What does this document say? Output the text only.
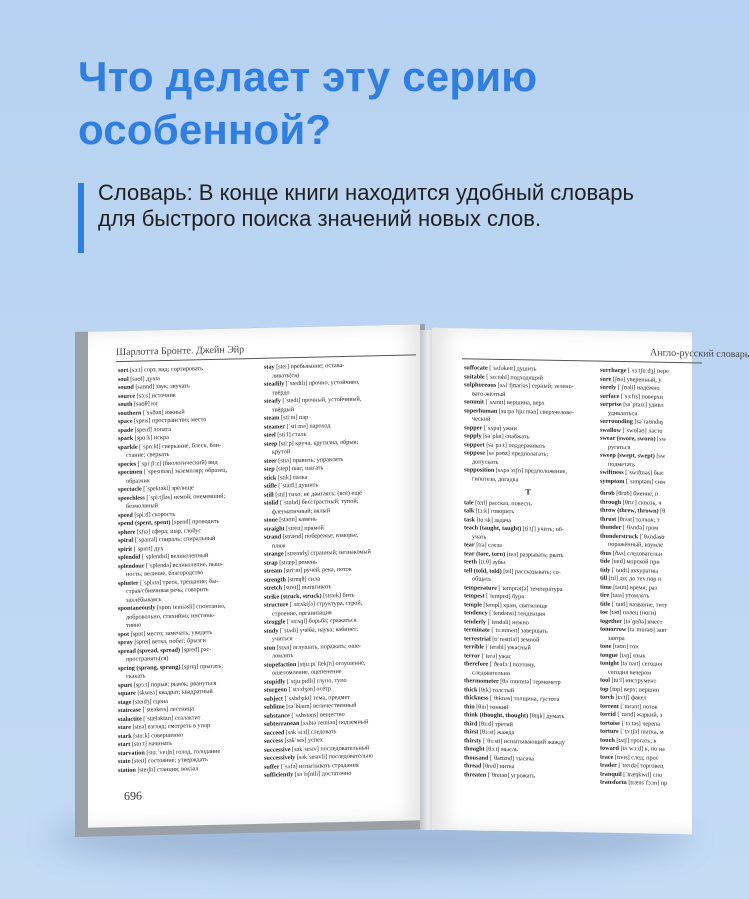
Что делает эту серию особенной?

Словарь: В конце книги находится удобный словарь для быстрого поиска значений новых слов.

Шарлотта Бронте. Джейн Эйр
sort [sɔːt] сорт, вид; сортировать
soul [səʊl] душа
sound [saʊnd] звук; звучать
source [sɔːs] источник
south [saʊθ] юг
southern [ˈsʌðən] южный
space [speɪs] пространство; место
spade [speɪd] лопата
spark [spɑːk] искра
sparkle [ˈspɑːkl] сверкание, блеск, бли-
стание; сверкать
species [ˈspiːʃiːz] (биологический) вид
specimen [ˈspesɪmən] экземпляр; образец,
образчик
spectacle [ˈspektəkl] зрелище
speechless [ˈspiːtʃləs] немой; онемевший;
безмолвный
speed [spiːd] скорость
spend (spent, spent) [spend] проводить
sphere [sfɪə] сфера; шар, глобус
spiral [ˈspaɪrəl] спираль; спиральный
spirit [ˈspɪrɪt] дух
splendid [ˈsplendɪd] великолепный
splendour [ˈsplendə] великолепие, пыш-
ность; величие, благородство
splutter [ˈsplʌtə] треск, трещание; бы-
страя/сбивчивая речь; говорить
захлёбываясь
spontaneously [spɒnˈteɪniəsli] спонтанно,
добровольно, стихийно; инстинк-
тивно
spot [spɒt] место; замечать; увидеть
spray [spreɪ] ветка, побег; брызги
spread (spread, spread) [spred] рас-
пространять(ся)
spring (sprang, sprung) [sprɪŋ] прыгать;
скакать
spurt [spɜːt] порыв; рывок; рвануться
square [skweə] квадрат; квадратный
stage [steɪdʒ] сцена
staircase [ˈsteəkeɪs] лестница
stalactite [ˈstæləktaɪt] сталактит
stare [steə] взгляд; смотреть в упор
stark [stɑːk] совершенно
start [stɑːt] начинать
starvation [stɑːˈveɪʃn] голод, голодание
state [steɪt] состояние; утверждать
station [steɪʃn] станция; вокзал
stay [steɪ] пребывание; остава-
ливать(ся)
steadily [ˈstedɪli] прочно, устойчиво,
твёрдо
steady [ˈstedi] прочный, устойчивый,
твёрдый
steam [stiːm] пар
steamer [ˈstiːmə] пароход
steel [stiːl] сталь
steep [stiːp] круча, крутизна, обрыв;
крутой
steer [stɪə] править; управлять
step [step] шаг; шагать
stick [stɪk] палка
stifle [ˈstaɪfl] душить
still [stɪl] тихо, не двигаясь; (всё) ещё
stolid [ˈstɒlɪd] бесстрастный; тупой;
флегматичный; вялый
stone [stəʊn] камень
straight [streɪt] прямой
strand [strænd] побережье, взморье,
пляж
strange [streɪndʒ] странный; незнакомый
strap [stræp] ремень
stream [striːm] ручей, река, поток
strength [streŋθ] сила
stretch [stretʃ] вытягивать
strike (struck, struck) [straɪk] бить
structure [ˈstrʌktʃə] структура, строй,
строение, организация
struggle [ˈstrʌɡl] борьба; сражаться
study [ˈstʌdi] учёба, наука; кабинет;
учиться
stun [stʌn] оглушать, поражать; оше-
ломлять
stupefaction [stjuːpɪˈfækʃn] оглушение,
ошеломление, оцепенение
stupidly [ˈstjuːpɪdli] глупо, тупо
sturgeon [ˈstɜːdʒən] осётр
subject [ˈsʌbdʒɪkt] тема, предмет
sublime [səˈblaɪm] величественный
substance [ˈsʌbstəns] вещество
subterranean [sʌbtəˈreɪniən] подземный
succeed [səkˈsiːd] следовать
success [səkˈses] успех
successive [səkˈsesɪv] последовательный
successively [səkˈsesɪvli] последовательно
suffer [ˈsʌfə] испытывать страдания
sufficiently [səˈfɪʃntli] достаточно
696
Англо-русский словарь
suffocate [ˈsʌfəkeɪt] душить
suitable [ˈsuːtəbl] подходящий
sulphureous [sʌlˈfjʊəriəs] серный; зелено-
вато-жёлтый
summit [ˈsʌmɪt] вершина, верх
superhuman [suːpəˈhjuːmən] сверхчелове-
ческий
supper [ˈsʌpə] ужин
supply [səˈplaɪ] снабжать
support [səˈpɔːt] поддерживать
suppose [səˈpəʊz] предполагать;
допускать
supposition [sʌpəˈzɪʃn] предположение,
гипотеза, догадка
T
tale [teɪl] рассказ, повесть
talk [tɔːk] говорить
task [tɑːsk] задача
teach (taught, taught) [tiːtʃ] учить; об-
учать
tear [tɪə] слеза
tear (tore, torn) [teə] разрывать; рвать
teeth [tiːθ] зубы
tell (told, told) [tel] рассказывать; со-
общать
temperature [ˈtemprətʃə] температура
tempest [ˈtempɪst] буря
temple [templ] храм, святилище
tendency [ˈtendənsi] тенденция
tenderly [ˈtendəli] нежно
terminate [ˈtɜːmɪneɪt] завершать
terrestrial [tɪˈrestriəl] земной
terrible [ˈterəbl] ужасный
terror [ˈterə] ужас
therefore [ˈðeəfɔː] поэтому,
следовательно
thermometer [θəˈmɒmɪtə] термометр
thick [θɪk] толстый
thickness [ˈθɪknəs] толщина, густота
thin [θɪn] тонкий
think (thought, thought) [θɪŋk] думать
third [θɜːd] третий
thirst [θɜːst] жажда
thirsty [ˈθɜːsti] испытывающий жажду
thought [θɔːt] мысль
thousand [ˈθaʊznd] тысяча
thread [θred] нитка
threaten [ˈθretən] угрожать
surcharge [ˈsɜːtʃɑːdʒ] пере
sure [ʃʊə] уверенный, у
surely [ˈʃʊəli] надёжно
surface [ˈsɜːfɪs] поверхн
surprise [səˈpraɪz] удивл
удивляться
surrounding [səˈraʊndɪŋ
swallow [ˈswɒləʊ] ласто
swear (swore, sworn) [sw
ругаться
sweep (swept, swept) [sw
подметать
swiftness [ˈswɪftnəs] быс
symptom [ˈsɪmptəm] сим
throb [θrɒb] биение, п
through [θruː] сквозь, ч
throw (threw, thrown) [θ
thrust [θrʌst] толчок; т
thunder [ˈθʌndə] гром
thunderstruck [ˈθʌndəstr
поражённый, изумлё
thus [ðʌs] следовательн
tide [taɪd] морской при
tidy [ˈtaɪdi] аккуратны
till [tɪl] до; до тех пор п
time [taɪm] время; раз
tire [taɪə] утомлять
title [ˈtaɪtl] название, титу
toe [təʊ] палец (ноги)
together [təˈɡeðə] вмест
tomorrow [təˈmɒrəʊ] завт
завтра
tone [təʊn] тон
tongue [tʌŋ] язык
tonight [təˈnaɪt] сегодня
сегодня вечером
tool [tuːl] инструмент
top [tɒp] верх; вершин
torch [tɔːtʃ] факел
torrent [ˈtɒrənt] поток
torrid [ˈtɒrɪd] жаркий, з
tortoise [ˈtɔːtəs] черепа
torture [ˈtɔːtʃə] пытка, м
touch [tʌtʃ] трогать; к
toward [təˈwɔːd] к, по на
trace [treɪs] след; прос
trader [ˈtreɪdə] торговец
tranquil [ˈtræŋkwɪl] спо
transform [trænsˈfɔːm] пр
